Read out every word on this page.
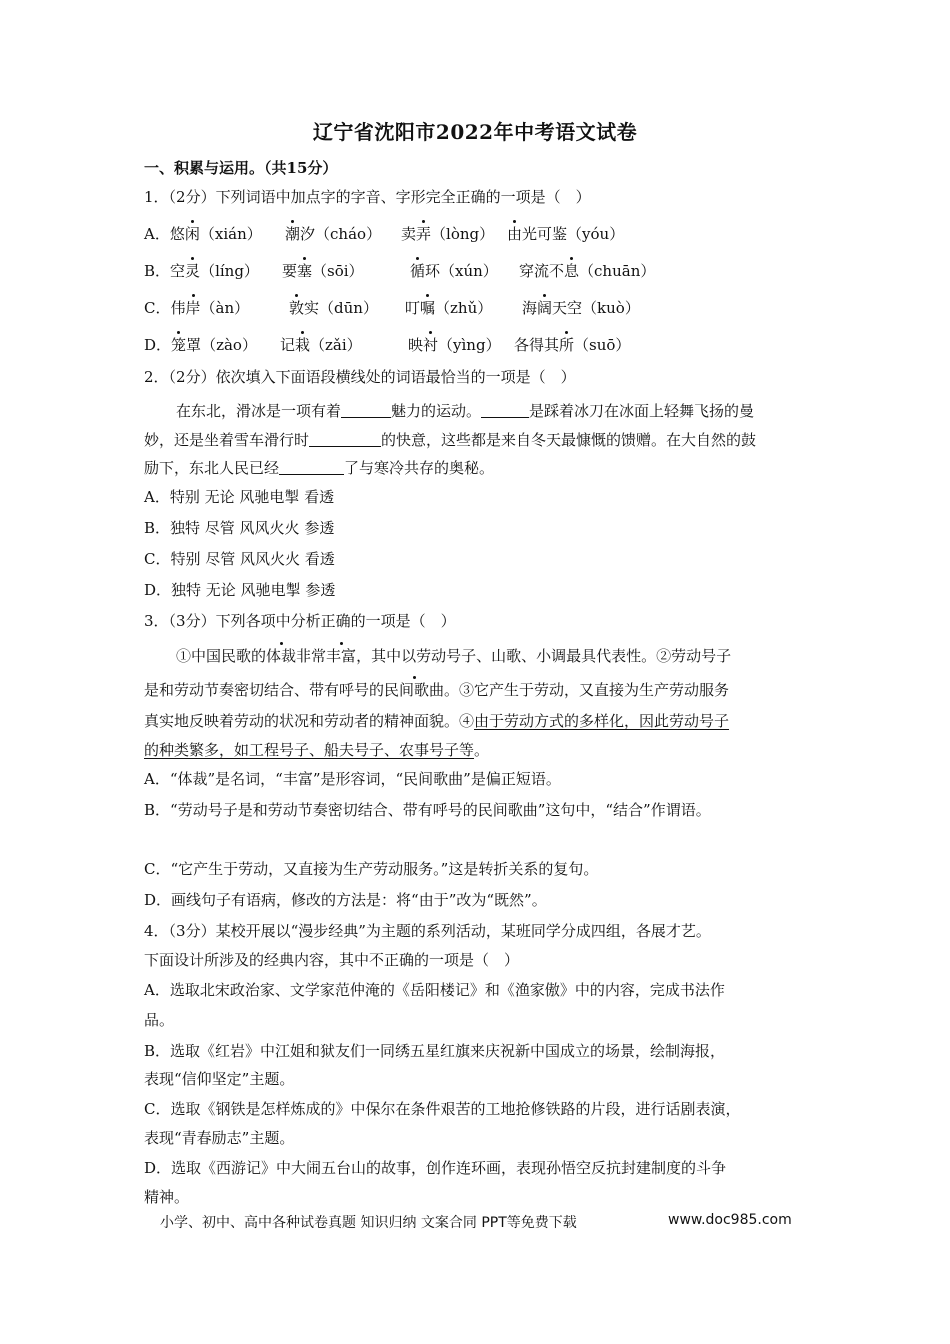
辽宁省沈阳市2022年中考语文试卷
一、积累与运用。（共15分）
1．（2分）下列词语中加点字的字音、字形完全正确的一项是（　）
A．悠闲（xián） 潮汐（cháo） 卖弄（lòng） 由光可鉴（yóu）
B．空灵（líng） 要塞（sōi）	循环（xún） 穿流不息（chuān）
C．伟岸（àn）	敦实（dūn） 叮嘱（zhǔ） 海阔天空（kuò）
D．笼罩（zào） 记栽（zǎi）	映衬（yìng） 各得其所（suō）
2．（2分）依次填入下面语段横线处的词语最恰当的一项是（　）
在东北，滑冰是一项有着	魅力的运动。	是踩着冰刀在冰面上轻舞飞扬的曼
妙，还是坐着雪车滑行时	的快意，这些都是来自冬天最慷慨的馈赠。在大自然的鼓
励下，东北人民已经	了与寒冷共存的奥秘。
A．特别 无论 风驰电掣 看透
B．独特 尽管 风风火火 参透
C．特别 尽管 风风火火 看透
D．独特 无论 风驰电掣 参透
3．（3分）下列各项中分析正确的一项是（　）
①中国民歌的体裁非常丰富，其中以劳动号子、山歌、小调最具代表性。②劳动号子
是和劳动节奏密切结合、带有呼号的民间歌曲。③它产生于劳动，又直接为生产劳动服务
真实地反映着劳动的状况和劳动者的精神面貌。④由于劳动方式的多样化，因此劳动号子
的种类繁多，如工程号子、船夫号子、农事号子等。
A．“体裁”是名词，“丰富”是形容词，“民间歌曲”是偏正短语。
B．“劳动号子是和劳动节奏密切结合、带有呼号的民间歌曲”这句中，“结合”作谓语。
C．“它产生于劳动，又直接为生产劳动服务。”这是转折关系的复句。
D．画线句子有语病，修改的方法是：将“由于”改为“既然”。
4．（3分）某校开展以“漫步经典”为主题的系列活动，某班同学分成四组，各展才艺。
下面设计所涉及的经典内容，其中不正确的一项是（　）
A．选取北宋政治家、文学家范仲淹的《岳阳楼记》和《渔家傲》中的内容，完成书法作
品。
B．选取《红岩》中江姐和狱友们一同绣五星红旗来庆祝新中国成立的场景，绘制海报，
表现“信仰坚定”主题。
C．选取《钢铁是怎样炼成的》中保尔在条件艰苦的工地抢修铁路的片段，进行话剧表演，
表现“青春励志”主题。
D．选取《西游记》中大闹五台山的故事，创作连环画，表现孙悟空反抗封建制度的斗争
精神。
小学、初中、高中各种试卷真题 知识归纳 文案合同 PPT等免费下载	www.doc985.com
